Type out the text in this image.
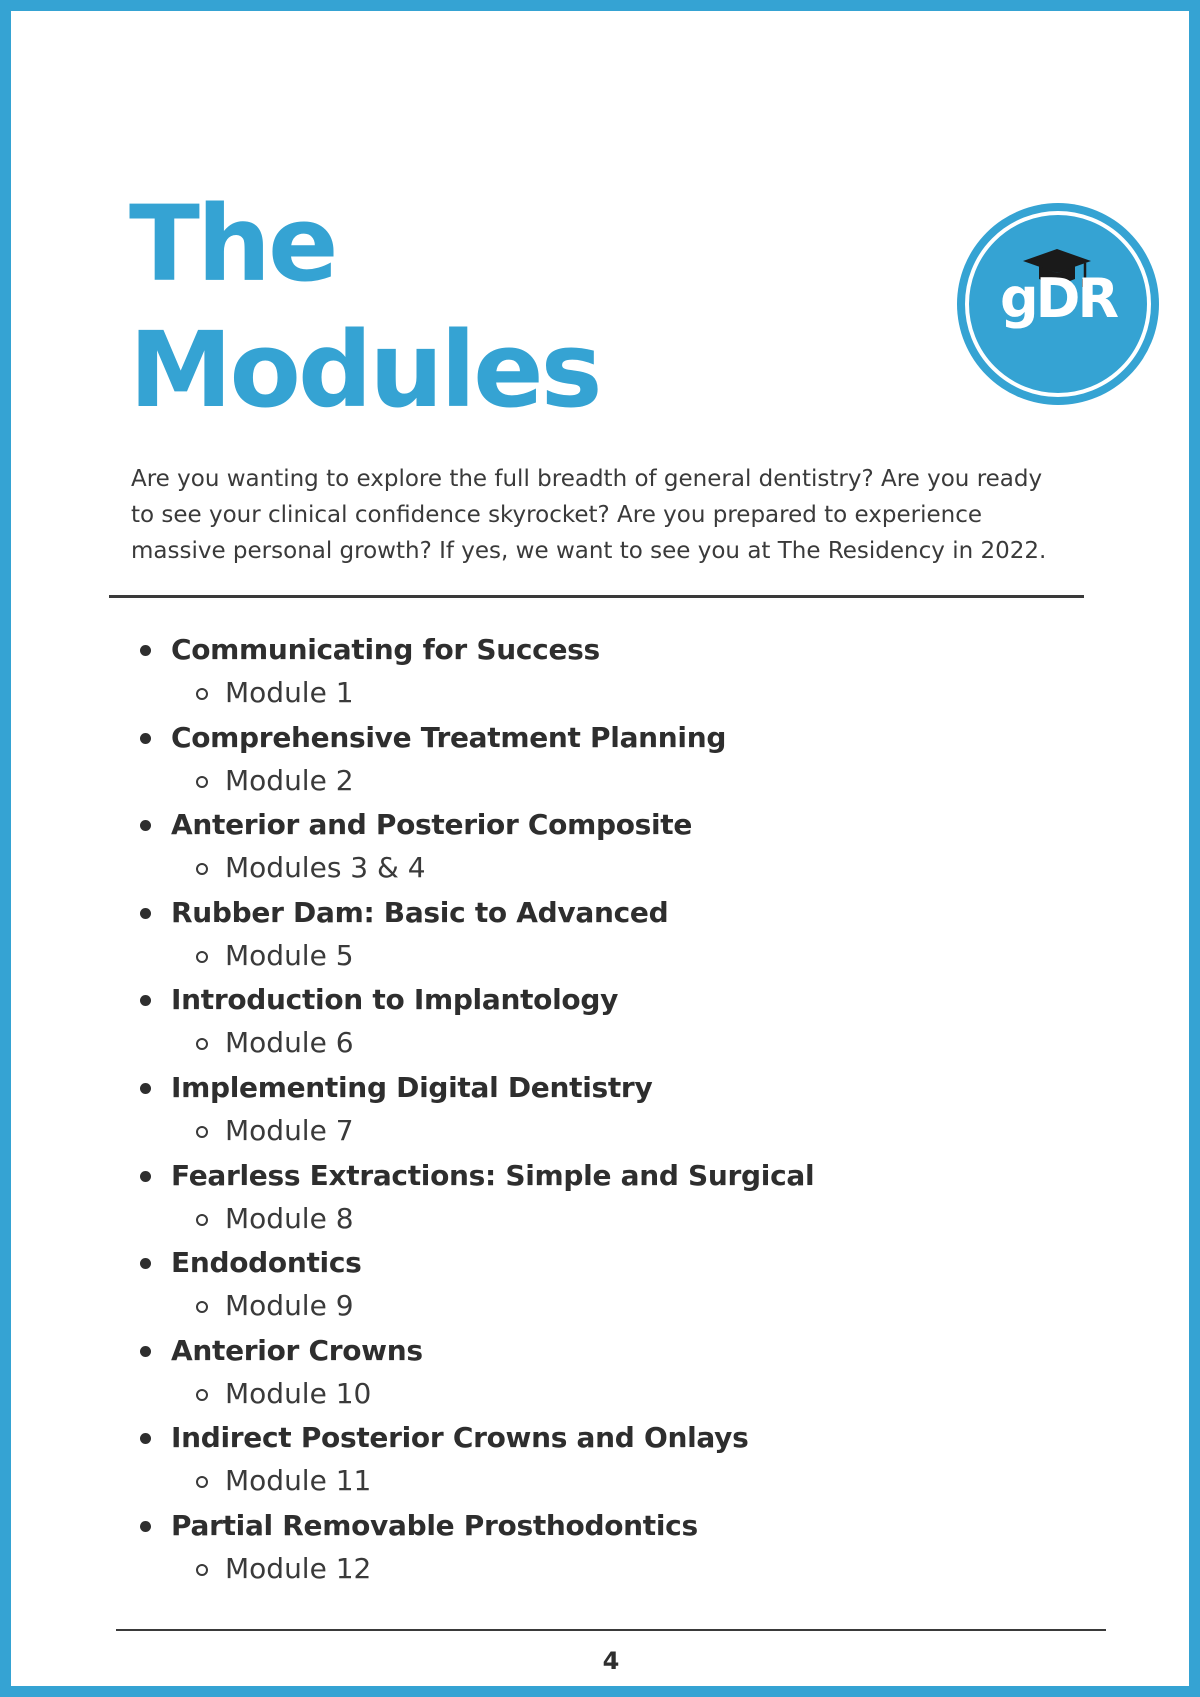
The
Modules
gDR

Are you wanting to explore the full breadth of general dentistry? Are you ready to see your clinical confidence skyrocket? Are you prepared to experience massive personal growth? If yes, we want to see you at The Residency in 2022.

Communicating for Success
Module 1
Comprehensive Treatment Planning
Module 2
Anterior and Posterior Composite
Modules 3 & 4
Rubber Dam: Basic to Advanced
Module 5
Introduction to Implantology
Module 6
Implementing Digital Dentistry
Module 7
Fearless Extractions: Simple and Surgical
Module 8
Endodontics
Module 9
Anterior Crowns
Module 10
Indirect Posterior Crowns and Onlays
Module 11
Partial Removable Prosthodontics
Module 12
4
